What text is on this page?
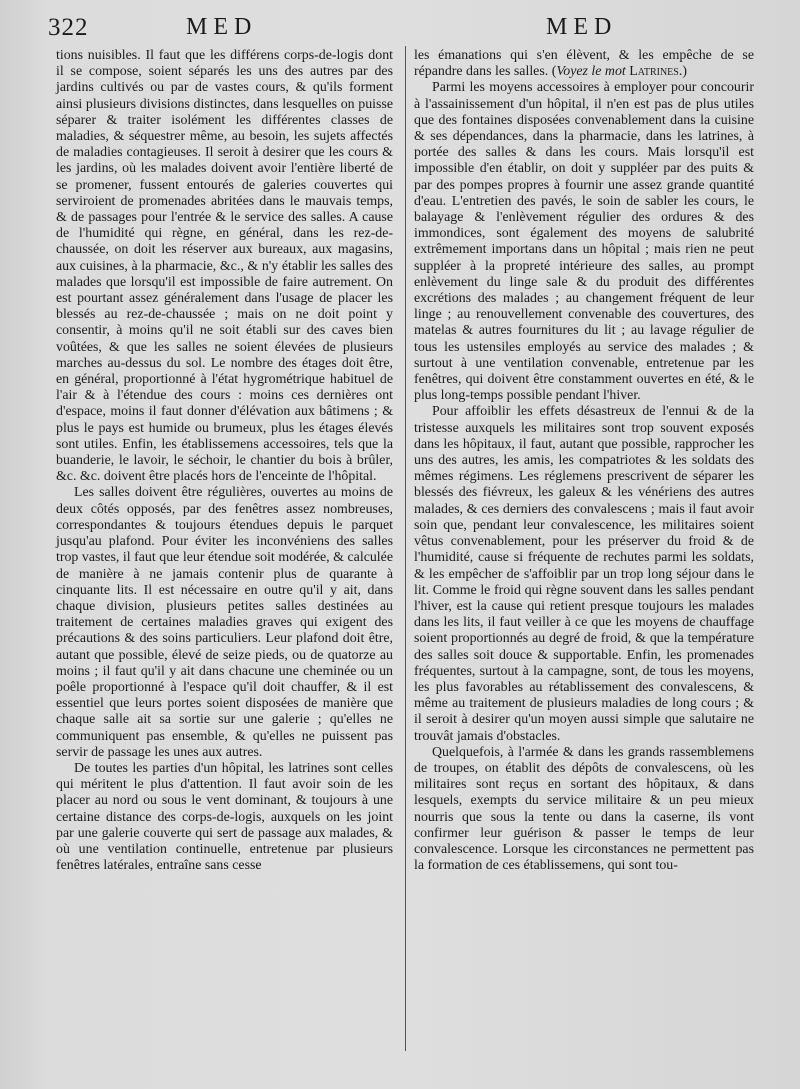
322	MED	MED

tions nuisibles. Il faut que les différens corps-de-logis dont il se compose, soient séparés les uns des autres par des jardins cultivés ou par de vastes cours, & qu'ils forment ainsi plusieurs divisions distinctes, dans lesquelles on puisse séparer & traiter isolément les différentes classes de maladies, & séquestrer même, au besoin, les sujets affectés de maladies contagieuses. Il seroit à desirer que les cours & les jardins, où les malades doivent avoir l'entière liberté de se promener, fussent entourés de galeries couvertes qui serviroient de promenades abritées dans le mauvais temps, & de passages pour l'entrée & le service des salles. A cause de l'humidité qui règne, en général, dans les rez-de-chaussée, on doit les réserver aux bureaux, aux magasins, aux cuisines, à la pharmacie, &c., & n'y établir les salles des malades que lorsqu'il est impossible de faire autrement. On est pourtant assez généralement dans l'usage de placer les blessés au rez-de-chaussée ; mais on ne doit point y consentir, à moins qu'il ne soit établi sur des caves bien voûtées, & que les salles ne soient élevées de plusieurs marches au-dessus du sol. Le nombre des étages doit être, en général, proportionné à l'état hygrométrique habituel de l'air & à l'étendue des cours : moins ces dernières ont d'espace, moins il faut donner d'élévation aux bâtimens ; & plus le pays est humide ou brumeux, plus les étages élevés sont utiles. Enfin, les établissemens accessoires, tels que la buanderie, le lavoir, le séchoir, le chantier du bois à brûler, &c. &c. doivent être placés hors de l'enceinte de l'hôpital.

Les salles doivent être régulières, ouvertes au moins de deux côtés opposés, par des fenêtres assez nombreuses, correspondantes & toujours étendues depuis le parquet jusqu'au plafond. Pour éviter les inconvéniens des salles trop vastes, il faut que leur étendue soit modérée, & calculée de manière à ne jamais contenir plus de quarante à cinquante lits. Il est nécessaire en outre qu'il y ait, dans chaque division, plusieurs petites salles destinées au traitement de certaines maladies graves qui exigent des précautions & des soins particuliers. Leur plafond doit être, autant que possible, élevé de seize pieds, ou de quatorze au moins ; il faut qu'il y ait dans chacune une cheminée ou un poêle proportionné à l'espace qu'il doit chauffer, & il est essentiel que leurs portes soient disposées de manière que chaque salle ait sa sortie sur une galerie ; qu'elles ne communiquent pas ensemble, & qu'elles ne puissent pas servir de passage les unes aux autres.

De toutes les parties d'un hôpital, les latrines sont celles qui méritent le plus d'attention. Il faut avoir soin de les placer au nord ou sous le vent dominant, & toujours à une certaine distance des corps-de-logis, auxquels on les joint par une galerie couverte qui sert de passage aux malades, & où une ventilation continuelle, entretenue par plusieurs fenêtres latérales, entraîne sans cesse

les émanations qui s'en élèvent, & les empêche de se répandre dans les salles. (Voyez le mot Latrines.)

Parmi les moyens accessoires à employer pour concourir à l'assainissement d'un hôpital, il n'en est pas de plus utiles que des fontaines disposées convenablement dans la cuisine & ses dépendances, dans la pharmacie, dans les latrines, à portée des salles & dans les cours. Mais lorsqu'il est impossible d'en établir, on doit y suppléer par des puits & par des pompes propres à fournir une assez grande quantité d'eau. L'entretien des pavés, le soin de sabler les cours, le balayage & l'enlèvement régulier des ordures & des immondices, sont également des moyens de salubrité extrêmement importans dans un hôpital ; mais rien ne peut suppléer à la propreté intérieure des salles, au prompt enlèvement du linge sale & du produit des différentes excrétions des malades ; au changement fréquent de leur linge ; au renouvellement convenable des couvertures, des matelas & autres fournitures du lit ; au lavage régulier de tous les ustensiles employés au service des malades ; & surtout à une ventilation convenable, entretenue par les fenêtres, qui doivent être constamment ouvertes en été, & le plus long-temps possible pendant l'hiver.

Pour affoiblir les effets désastreux de l'ennui & de la tristesse auxquels les militaires sont trop souvent exposés dans les hôpitaux, il faut, autant que possible, rapprocher les uns des autres, les amis, les compatriotes & les soldats des mêmes régimens. Les réglemens prescrivent de séparer les blessés des fiévreux, les galeux & les vénériens des autres malades, & ces derniers des convalescens ; mais il faut avoir soin que, pendant leur convalescence, les militaires soient vêtus convenablement, pour les préserver du froid & de l'humidité, cause si fréquente de rechutes parmi les soldats, & les empêcher de s'affoiblir par un trop long séjour dans le lit. Comme le froid qui règne souvent dans les salles pendant l'hiver, est la cause qui retient presque toujours les malades dans les lits, il faut veiller à ce que les moyens de chauffage soient proportionnés au degré de froid, & que la température des salles soit douce & supportable. Enfin, les promenades fréquentes, surtout à la campagne, sont, de tous les moyens, les plus favorables au rétablissement des convalescens, & même au traitement de plusieurs maladies de long cours ; & il seroit à desirer qu'un moyen aussi simple que salutaire ne trouvât jamais d'obstacles.

Quelquefois, à l'armée & dans les grands rassemblemens de troupes, on établit des dépôts de convalescens, où les militaires sont reçus en sortant des hôpitaux, & dans lesquels, exempts du service militaire & un peu mieux nourris que sous la tente ou dans la caserne, ils vont confirmer leur guérison & passer le temps de leur convalescence. Lorsque les circonstances ne permettent pas la formation de ces établissemens, qui sont tou-
